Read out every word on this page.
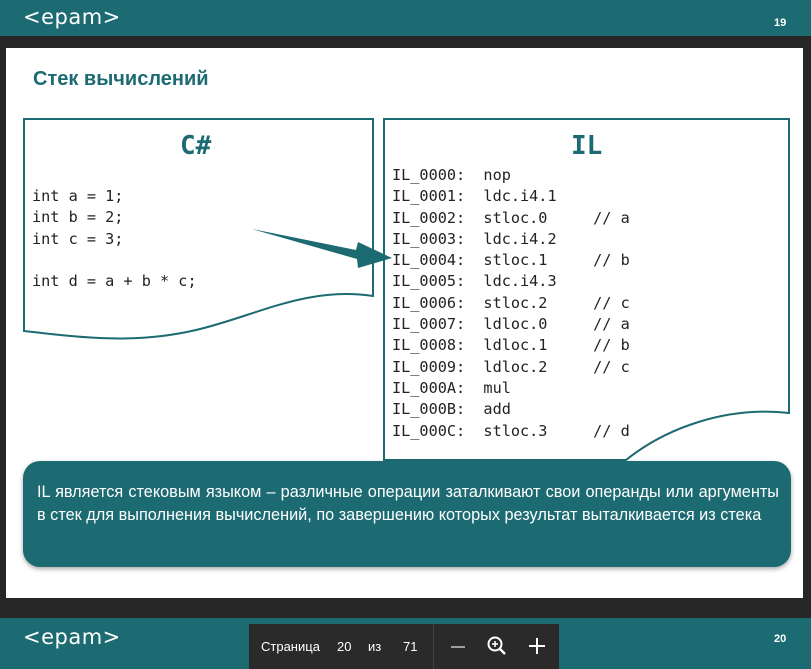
<epam>	19
Стек вычислений
C#
int a = 1;
int b = 2;
int c = 3;

int d = a + b * c;
IL
IL_0000:  nop
IL_0001:  ldc.i4.1
IL_0002:  stloc.0     // a
IL_0003:  ldc.i4.2
IL_0004:  stloc.1     // b
IL_0005:  ldc.i4.3
IL_0006:  stloc.2     // c
IL_0007:  ldloc.0     // a
IL_0008:  ldloc.1     // b
IL_0009:  ldloc.2     // c
IL_000A:  mul
IL_000B:  add
IL_000C:  stloc.3     // d
IL является стековым языком – различные операции заталкивают свои операнды или аргументы в стек для выполнения вычислений, по завершению которых результат выталкивается из стека
<epam>	20
Страница 20 из 71
